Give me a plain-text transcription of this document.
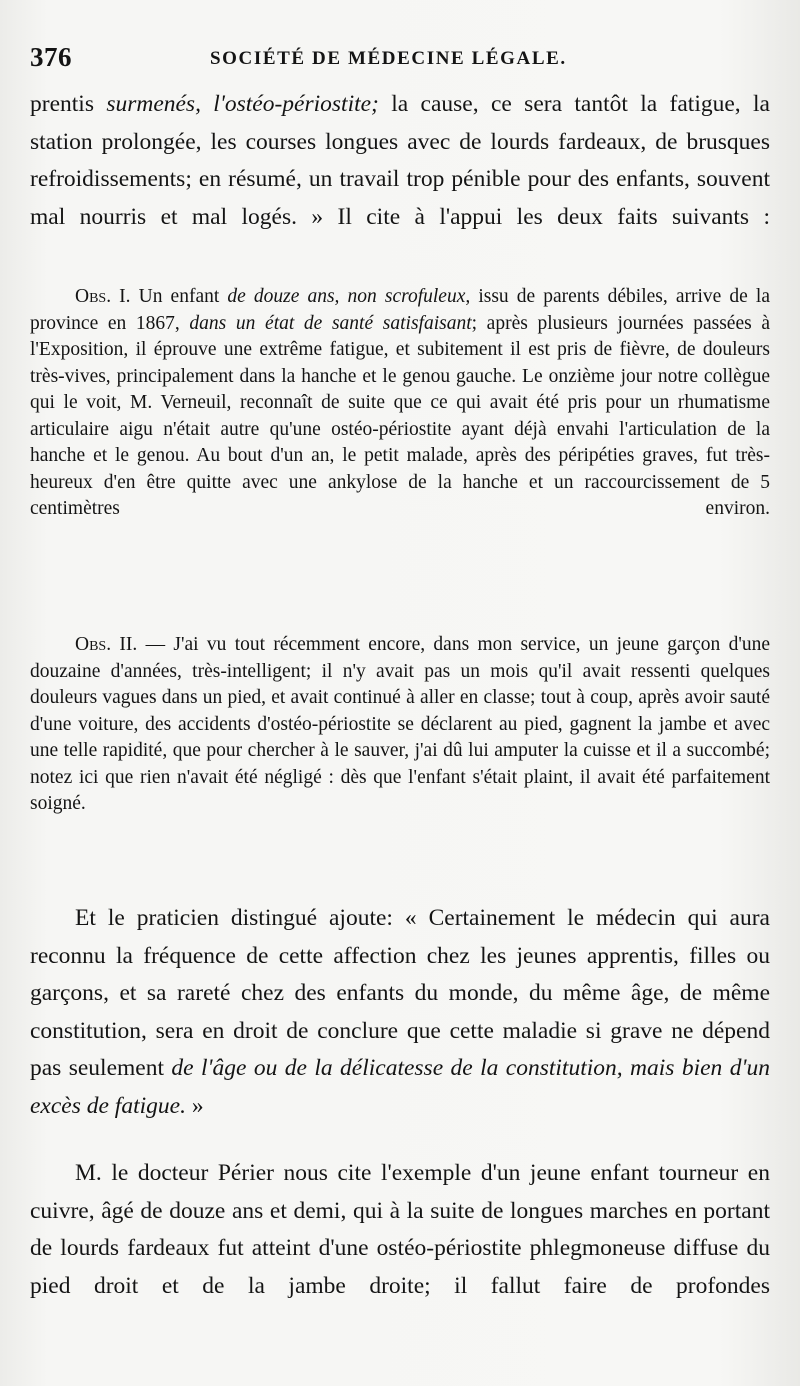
376	SOCIÉTÉ DE MÉDECINE LÉGALE.

prentis surmenés, l'ostéo-périostite; la cause, ce sera tantôt la fatigue, la station prolongée, les courses longues avec de lourds fardeaux, de brusques refroidissements; en résumé, un travail trop pénible pour des enfants, souvent mal nourris et mal logés. » Il cite à l'appui les deux faits suivants :

Obs. I. Un enfant de douze ans, non scrofuleux, issu de parents débiles, arrive de la province en 1867, dans un état de santé satisfaisant; après plusieurs journées passées à l'Exposition, il éprouve une extrême fatigue, et subitement il est pris de fièvre, de douleurs très-vives, principalement dans la hanche et le genou gauche. Le onzième jour notre collègue qui le voit, M. Verneuil, reconnaît de suite que ce qui avait été pris pour un rhumatisme articulaire aigu n'était autre qu'une ostéo-périostite ayant déjà envahi l'articulation de la hanche et le genou. Au bout d'un an, le petit malade, après des péripéties graves, fut très-heureux d'en être quitte avec une ankylose de la hanche et un raccourcissement de 5 centimètres environ.

Obs. II. — J'ai vu tout récemment encore, dans mon service, un jeune garçon d'une douzaine d'années, très-intelligent; il n'y avait pas un mois qu'il avait ressenti quelques douleurs vagues dans un pied, et avait continué à aller en classe; tout à coup, après avoir sauté d'une voiture, des accidents d'ostéo-périostite se déclarent au pied, gagnent la jambe et avec une telle rapidité, que pour chercher à le sauver, j'ai dû lui amputer la cuisse et il a succombé; notez ici que rien n'avait été négligé : dès que l'enfant s'était plaint, il avait été parfaitement soigné.

Et le praticien distingué ajoute: « Certainement le médecin qui aura reconnu la fréquence de cette affection chez les jeunes apprentis, filles ou garçons, et sa rareté chez des enfants du monde, du même âge, de même constitution, sera en droit de conclure que cette maladie si grave ne dépend pas seulement de l'âge ou de la délicatesse de la constitution, mais bien d'un excès de fatigue. »

M. le docteur Périer nous cite l'exemple d'un jeune enfant tourneur en cuivre, âgé de douze ans et demi, qui à la suite de longues marches en portant de lourds fardeaux fut atteint d'une ostéo-périostite phlegmoneuse diffuse du pied droit et de la jambe droite; il fallut faire de profondes
